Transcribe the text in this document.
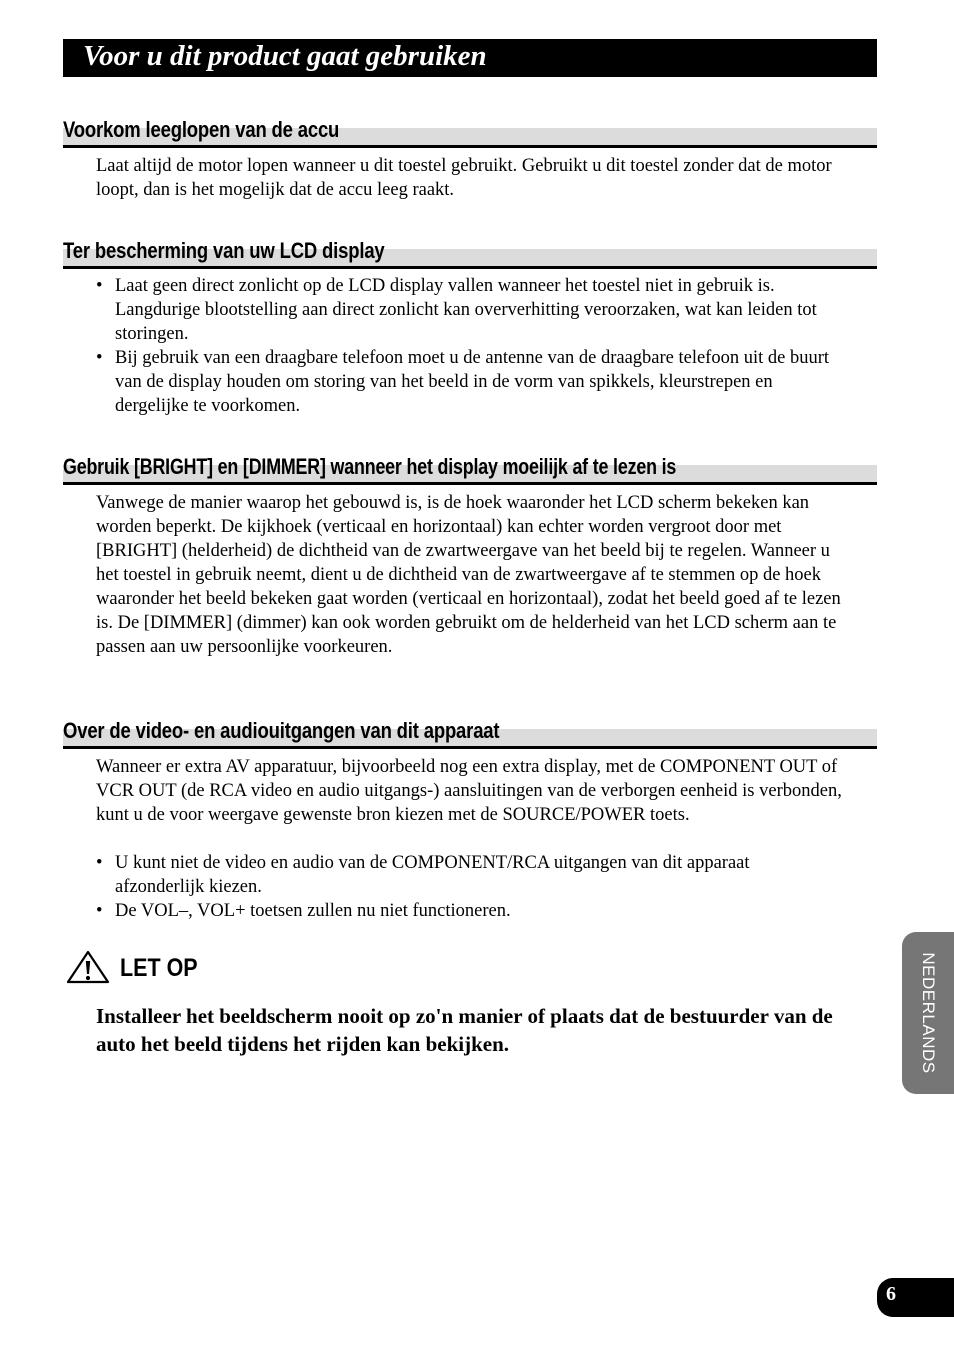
Voor u dit product gaat gebruiken
Voorkom leeglopen van de accu

Laat altijd de motor lopen wanneer u dit toestel gebruikt. Gebruikt u dit toestel zonder dat de motor loopt, dan is het mogelijk dat de accu leeg raakt.

Ter bescherming van uw LCD display
• Laat geen direct zonlicht op de LCD display vallen wanneer het toestel niet in gebruik is. Langdurige blootstelling aan direct zonlicht kan oververhitting veroorzaken, wat kan leiden tot storingen.
• Bij gebruik van een draagbare telefoon moet u de antenne van de draagbare telefoon uit de buurt van de display houden om storing van het beeld in de vorm van spikkels, kleurstrepen en dergelijke te voorkomen.
Gebruik [BRIGHT] en [DIMMER] wanneer het display moeilijk af te lezen is

Vanwege de manier waarop het gebouwd is, is de hoek waaronder het LCD scherm bekeken kan worden beperkt. De kijkhoek (verticaal en horizontaal) kan echter worden vergroot door met [BRIGHT] (helderheid) de dichtheid van de zwartweergave van het beeld bij te regelen. Wanneer u het toestel in gebruik neemt, dient u de dichtheid van de zwartweergave af te stemmen op de hoek waaronder het beeld bekeken gaat worden (verticaal en horizontaal), zodat het beeld goed af te lezen is. De [DIMMER] (dimmer) kan ook worden gebruikt om de helderheid van het LCD scherm aan te passen aan uw persoonlijke voorkeuren.

Over de video- en audiouitgangen van dit apparaat

Wanneer er extra AV apparatuur, bijvoorbeeld nog een extra display, met de COMPONENT OUT of VCR OUT (de RCA video en audio uitgangs-) aansluitingen van de verborgen eenheid is verbonden, kunt u de voor weergave gewenste bron kiezen met de SOURCE/POWER toets.

• U kunt niet de video en audio van de COMPONENT/RCA uitgangen van dit apparaat afzonderlijk kiezen.
• De VOL–, VOL+ toetsen zullen nu niet functioneren.
LET OP

Installeer het beeldscherm nooit op zo'n manier of plaats dat de bestuurder van de auto het beeld tijdens het rijden kan bekijken.	NEDERLANDS
6
